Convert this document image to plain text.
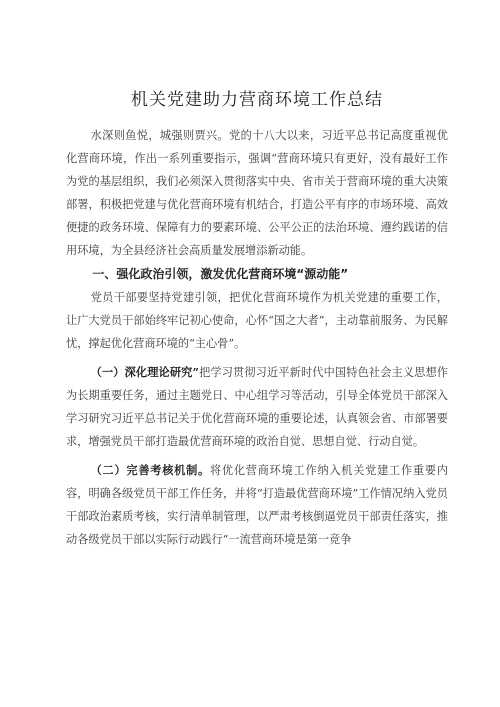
机关党建助力营商环境工作总结

水深则鱼悦，城强则贾兴。党的十八大以来，习近平总书记高度重视优化营商环境，作出一系列重要指示，强调“营商环境只有更好，没有最好工作为党的基层组织，我们必须深入贯彻落实中央、省市关于营商环境的重大决策部署，积极把党建与优化营商环境有机结合，打造公平有序的市场环境、高效便捷的政务环境、保障有力的要素环境、公平公正的法治环境、遵约践诺的信用环境，为全县经济社会高质量发展增添新动能。

一、强化政治引领，激发优化营商环境“源动能”

党员干部要坚持党建引领，把优化营商环境作为机关党建的重要工作，让广大党员干部始终牢记初心使命，心怀“国之大者”，主动靠前服务、为民解忧，撑起优化营商环境的“主心骨”。

（一）深化理论研究”把学习贯彻习近平新时代中国特色社会主义思想作为长期重要任务，通过主题党日、中心组学习等活动，引导全体党员干部深入学习研究习近平总书记关于优化营商环境的重要论述，认真领会省、市部署要求，增强党员干部打造最优营商环境的政治自觉、思想自觉、行动自觉。

（二）完善考核机制。将优化营商环境工作纳入机关党建工作重要内容，明确各级党员干部工作任务，并将“打造最优营商环境”工作情况纳入党员干部政治素质考核，实行清单制管理，以严肃考核倒逼党员干部责任落实，推动各级党员干部以实际行动践行“一流营商环境是第一竞争
